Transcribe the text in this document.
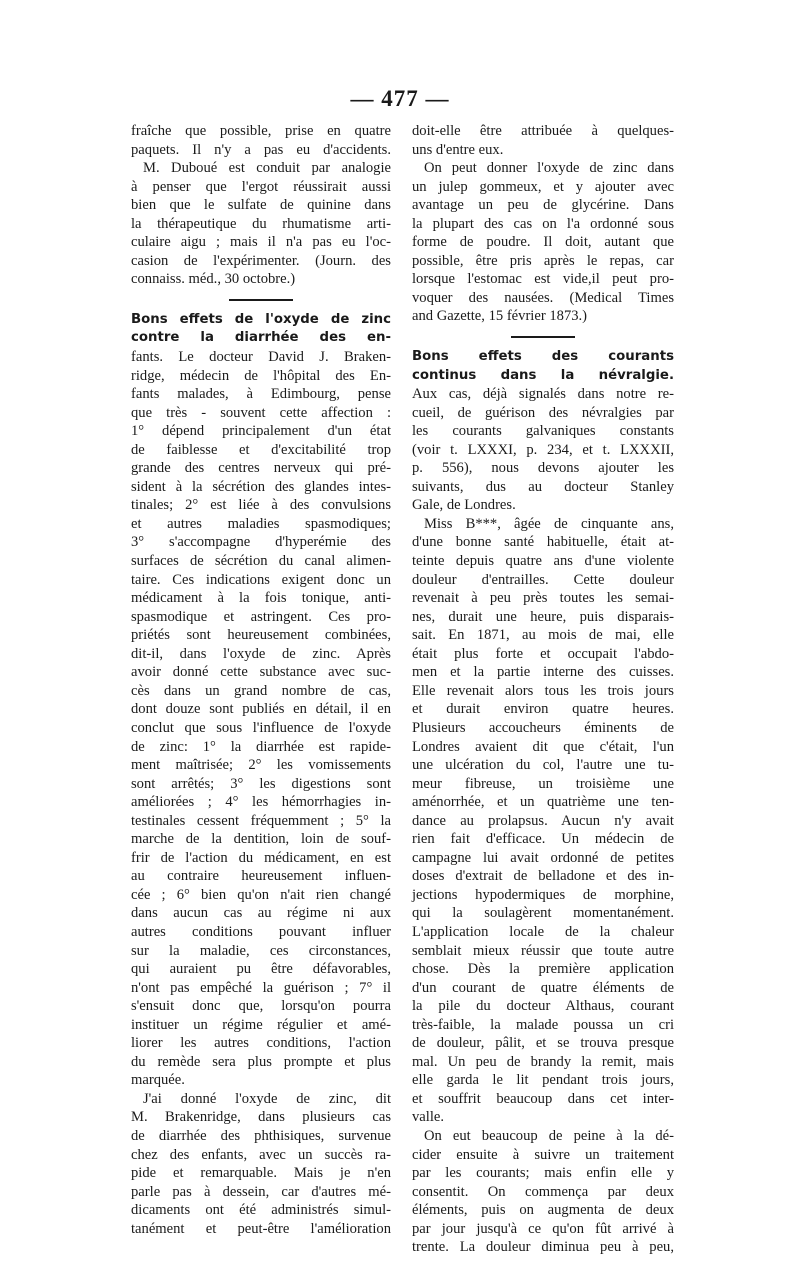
— 477 —
fraîche que possible, prise en quatre
paquets. Il n'y a pas eu d'accidents.
M. Duboué est conduit par analogie
à penser que l'ergot réussirait aussi
bien que le sulfate de quinine dans
la thérapeutique du rhumatisme arti-
culaire aigu ; mais il n'a pas eu l'oc-
casion de l'expérimenter. (Journ. des
connaiss. méd., 30 octobre.)
Bons effets de l'oxyde de zinc
contre la diarrhée des en-
fants. Le docteur David J. Braken-
ridge, médecin de l'hôpital des En-
fants malades, à Edimbourg, pense
que très - souvent cette affection :
1° dépend principalement d'un état
de faiblesse et d'excitabilité trop
grande des centres nerveux qui pré-
sident à la sécrétion des glandes intes-
tinales; 2° est liée à des convulsions
et autres maladies spasmodiques;
3° s'accompagne d'hyperémie des
surfaces de sécrétion du canal alimen-
taire. Ces indications exigent donc un
médicament à la fois tonique, anti-
spasmodique et astringent. Ces pro-
priétés sont heureusement combinées,
dit-il, dans l'oxyde de zinc. Après
avoir donné cette substance avec suc-
cès dans un grand nombre de cas,
dont douze sont publiés en détail, il en
conclut que sous l'influence de l'oxyde
de zinc: 1° la diarrhée est rapide-
ment maîtrisée; 2° les vomissements
sont arrêtés; 3° les digestions sont
améliorées ; 4° les hémorrhagies in-
testinales cessent fréquemment ; 5° la
marche de la dentition, loin de souf-
frir de l'action du médicament, en est
au contraire heureusement influen-
cée ; 6° bien qu'on n'ait rien changé
dans aucun cas au régime ni aux
autres conditions pouvant influer
sur la maladie, ces circonstances,
qui auraient pu être défavorables,
n'ont pas empêché la guérison ; 7° il
s'ensuit donc que, lorsqu'on pourra
instituer un régime régulier et amé-
liorer les autres conditions, l'action
du remède sera plus prompte et plus
marquée.
J'ai donné l'oxyde de zinc, dit
M. Brakenridge, dans plusieurs cas
de diarrhée des phthisiques, survenue
chez des enfants, avec un succès ra-
pide et remarquable. Mais je n'en
parle pas à dessein, car d'autres mé-
dicaments ont été administrés simul-
tanément et peut-être l'amélioration
doit-elle être attribuée à quelques-
uns d'entre eux.
On peut donner l'oxyde de zinc dans
un julep gommeux, et y ajouter avec
avantage un peu de glycérine. Dans
la plupart des cas on l'a ordonné sous
forme de poudre. Il doit, autant que
possible, être pris après le repas, car
lorsque l'estomac est vide,il peut pro-
voquer des nausées. (Medical Times
and Gazette, 15 février 1873.)
Bons effets des courants
continus dans la névralgie.
Aux cas, déjà signalés dans notre re-
cueil, de guérison des névralgies par
les courants galvaniques constants
(voir t. LXXXI, p. 234, et t. LXXXII,
p. 556), nous devons ajouter les
suivants, dus au docteur Stanley
Gale, de Londres.
Miss B***, âgée de cinquante ans,
d'une bonne santé habituelle, était at-
teinte depuis quatre ans d'une violente
douleur d'entrailles. Cette douleur
revenait à peu près toutes les semai-
nes, durait une heure, puis disparais-
sait. En 1871, au mois de mai, elle
était plus forte et occupait l'abdo-
men et la partie interne des cuisses.
Elle revenait alors tous les trois jours
et durait environ quatre heures.
Plusieurs accoucheurs éminents de
Londres avaient dit que c'était, l'un
une ulcération du col, l'autre une tu-
meur fibreuse, un troisième une
aménorrhée, et un quatrième une ten-
dance au prolapsus. Aucun n'y avait
rien fait d'efficace. Un médecin de
campagne lui avait ordonné de petites
doses d'extrait de belladone et des in-
jections hypodermiques de morphine,
qui la soulagèrent momentanément.
L'application locale de la chaleur
semblait mieux réussir que toute autre
chose. Dès la première application
d'un courant de quatre éléments de
la pile du docteur Althaus, courant
très-faible, la malade poussa un cri
de douleur, pâlit, et se trouva presque
mal. Un peu de brandy la remit, mais
elle garda le lit pendant trois jours,
et souffrit beaucoup dans cet inter-
valle.
On eut beaucoup de peine à la dé-
cider ensuite à suivre un traitement
par les courants; mais enfin elle y
consentit. On commença par deux
éléments, puis on augmenta de deux
par jour jusqu'à ce qu'on fût arrivé à
trente. La douleur diminua peu à peu,
